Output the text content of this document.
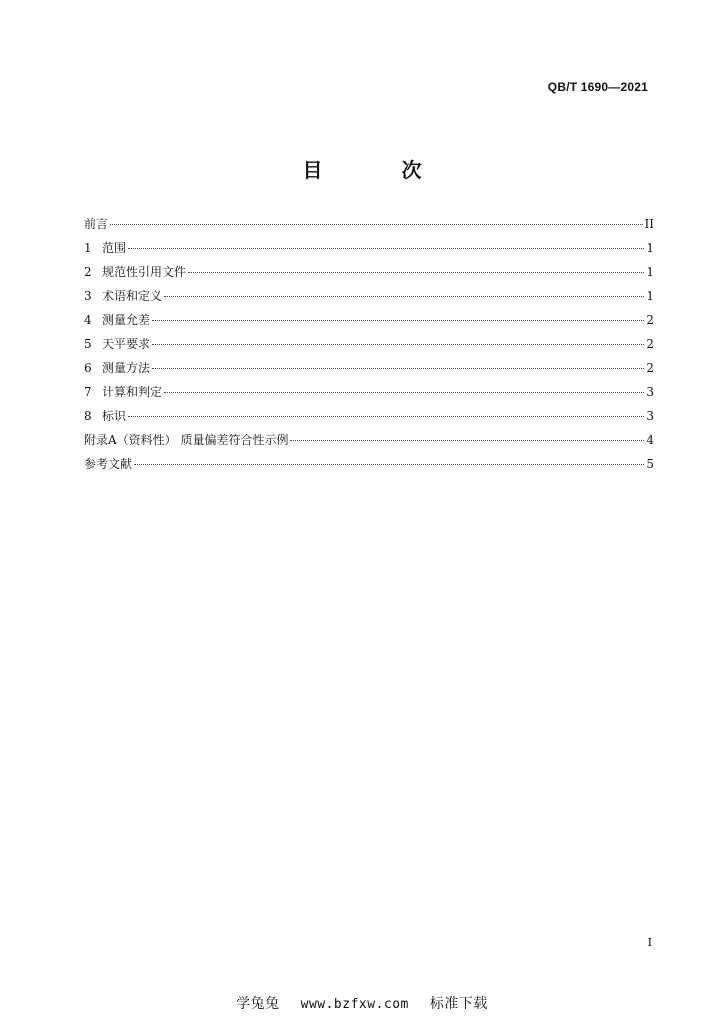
QB/T 1690—2021
目 次
前言	II
1 范围	1
2 规范性引用文件	1
3 术语和定义	1
4 测量允差	2
5 天平要求	2
6 测量方法	2
7 计算和判定	3
8 标识	3
附录A（资料性） 质量偏差符合性示例	4
参考文献	5
I
学兔兔 www.bzfxw.com 标准下载
